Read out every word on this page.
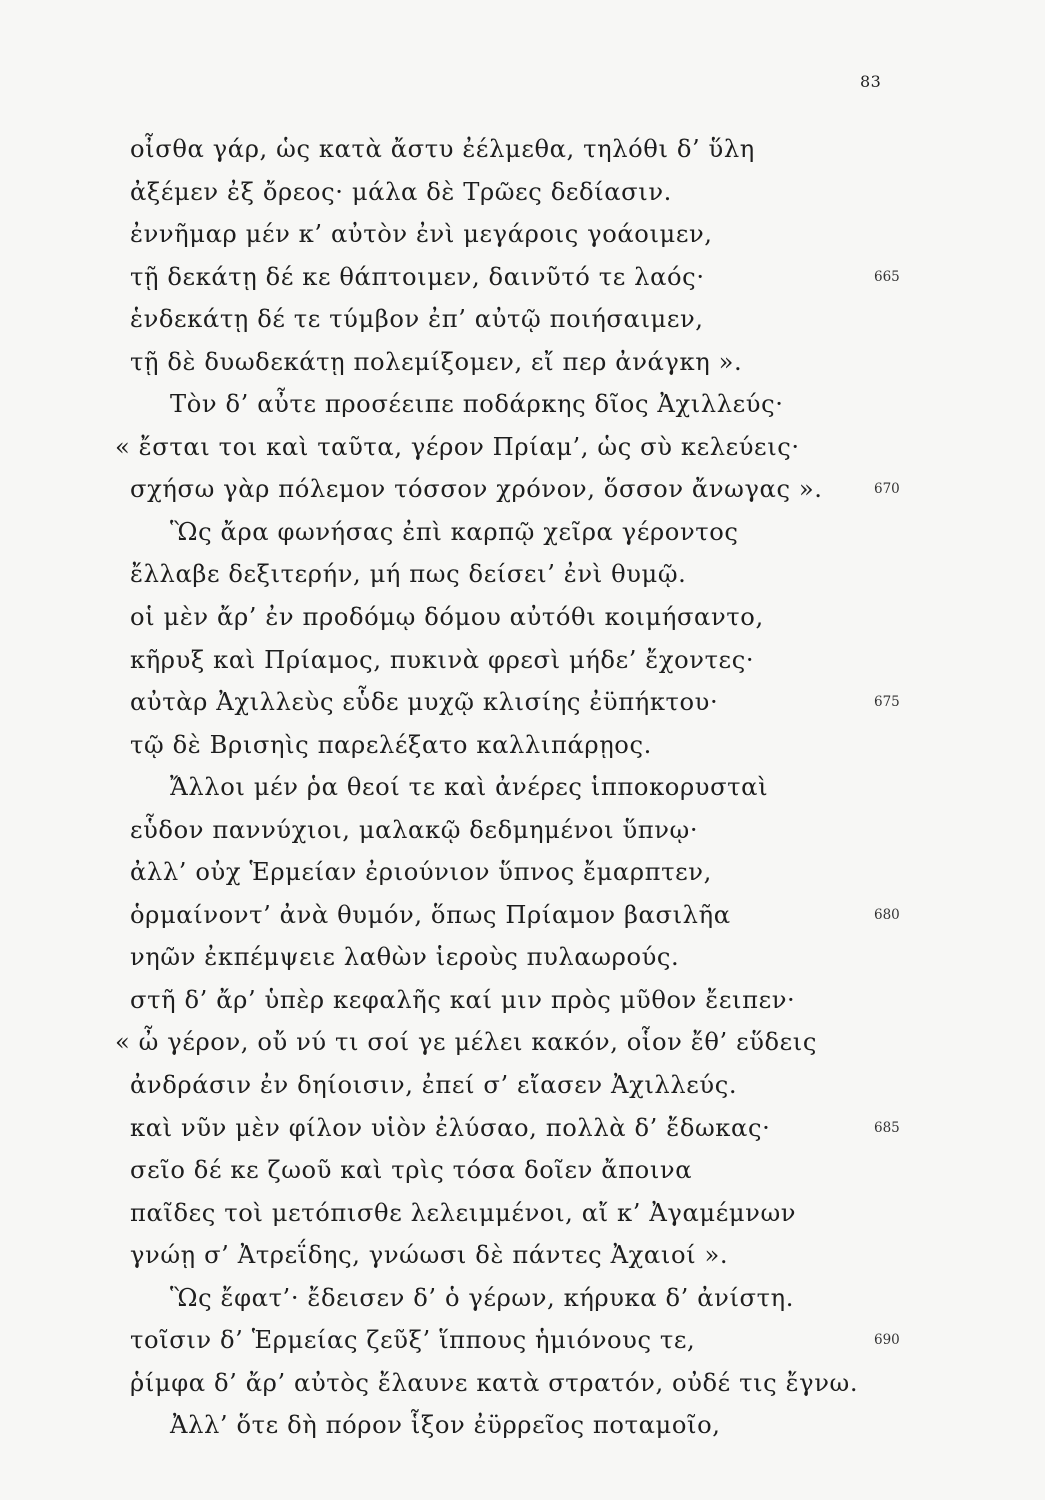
83
οἶσθα γάρ, ὡς κατὰ ἄστυ ἐέλμεθα, τηλόθι δ’ ὕλη
ἀξέμεν ἐξ ὄρεος· μάλα δὲ Τρῶες δεδίασιν.
ἐννῆμαρ μέν κ’ αὐτὸν ἐνὶ μεγάροις γοάοιμεν,
τῇ δεκάτῃ δέ κε θάπτοιμεν, δαινῦτό τε λαός·	665
ἑνδεκάτῃ δέ τε τύμβον ἐπ’ αὐτῷ ποιήσαιμεν,
τῇ δὲ δυωδεκάτῃ πολεμίξομεν, εἴ περ ἀνάγκη ».
Τὸν δ’ αὖτε προσέειπε ποδάρκης δῖος Ἀχιλλεύς·
« ἔσται τοι καὶ ταῦτα, γέρον Πρίαμ’, ὡς σὺ κελεύεις·
σχήσω γὰρ πόλεμον τόσσον χρόνον, ὅσσον ἄνωγας ».	670
Ὣς ἄρα φωνήσας ἐπὶ καρπῷ χεῖρα γέροντος
ἔλλαβε δεξιτερήν, μή πως δείσει’ ἐνὶ θυμῷ.
οἱ μὲν ἄρ’ ἐν προδόμῳ δόμου αὐτόθι κοιμήσαντο,
κῆρυξ καὶ Πρίαμος, πυκινὰ φρεσὶ μήδε’ ἔχοντες·
αὐτὰρ Ἀχιλλεὺς εὗδε μυχῷ κλισίης ἐϋπήκτου·	675
τῷ δὲ Βρισηὶς παρελέξατο καλλιπάρῃος.
Ἄλλοι μέν ῥα θεοί τε καὶ ἀνέρες ἱπποκορυσταὶ
εὗδον παννύχιοι, μαλακῷ δεδμημένοι ὕπνῳ·
ἀλλ’ οὐχ Ἑρμείαν ἐριούνιον ὕπνος ἔμαρπτεν,
ὁρμαίνοντ’ ἀνὰ θυμόν, ὅπως Πρίαμον βασιλῆα	680
νηῶν ἐκπέμψειε λαθὼν ἱεροὺς πυλαωρούς.
στῆ δ’ ἄρ’ ὑπὲρ κεφαλῆς καί μιν πρὸς μῦθον ἔειπεν·
« ὦ γέρον, οὔ νύ τι σοί γε μέλει κακόν, οἷον ἔθ’ εὕδεις
ἀνδράσιν ἐν δηίοισιν, ἐπεί σ’ εἴασεν Ἀχιλλεύς.
καὶ νῦν μὲν φίλον υἱὸν ἐλύσαο, πολλὰ δ’ ἔδωκας·	685
σεῖο δέ κε ζωοῦ καὶ τρὶς τόσα δοῖεν ἄποινα
παῖδες τοὶ μετόπισθε λελειμμένοι, αἴ κ’ Ἀγαμέμνων
γνώῃ σ’ Ἀτρεΐδης, γνώωσι δὲ πάντες Ἀχαιοί ».
Ὣς ἔφατ’· ἔδεισεν δ’ ὁ γέρων, κήρυκα δ’ ἀνίστη.
τοῖσιν δ’ Ἑρμείας ζεῦξ’ ἵππους ἡμιόνους τε,	690
ῥίμφα δ’ ἄρ’ αὐτὸς ἔλαυνε κατὰ στρατόν, οὐδέ τις ἔγνω.
Ἀλλ’ ὅτε δὴ πόρον ἷξον ἐϋρρεῖος ποταμοῖο,
